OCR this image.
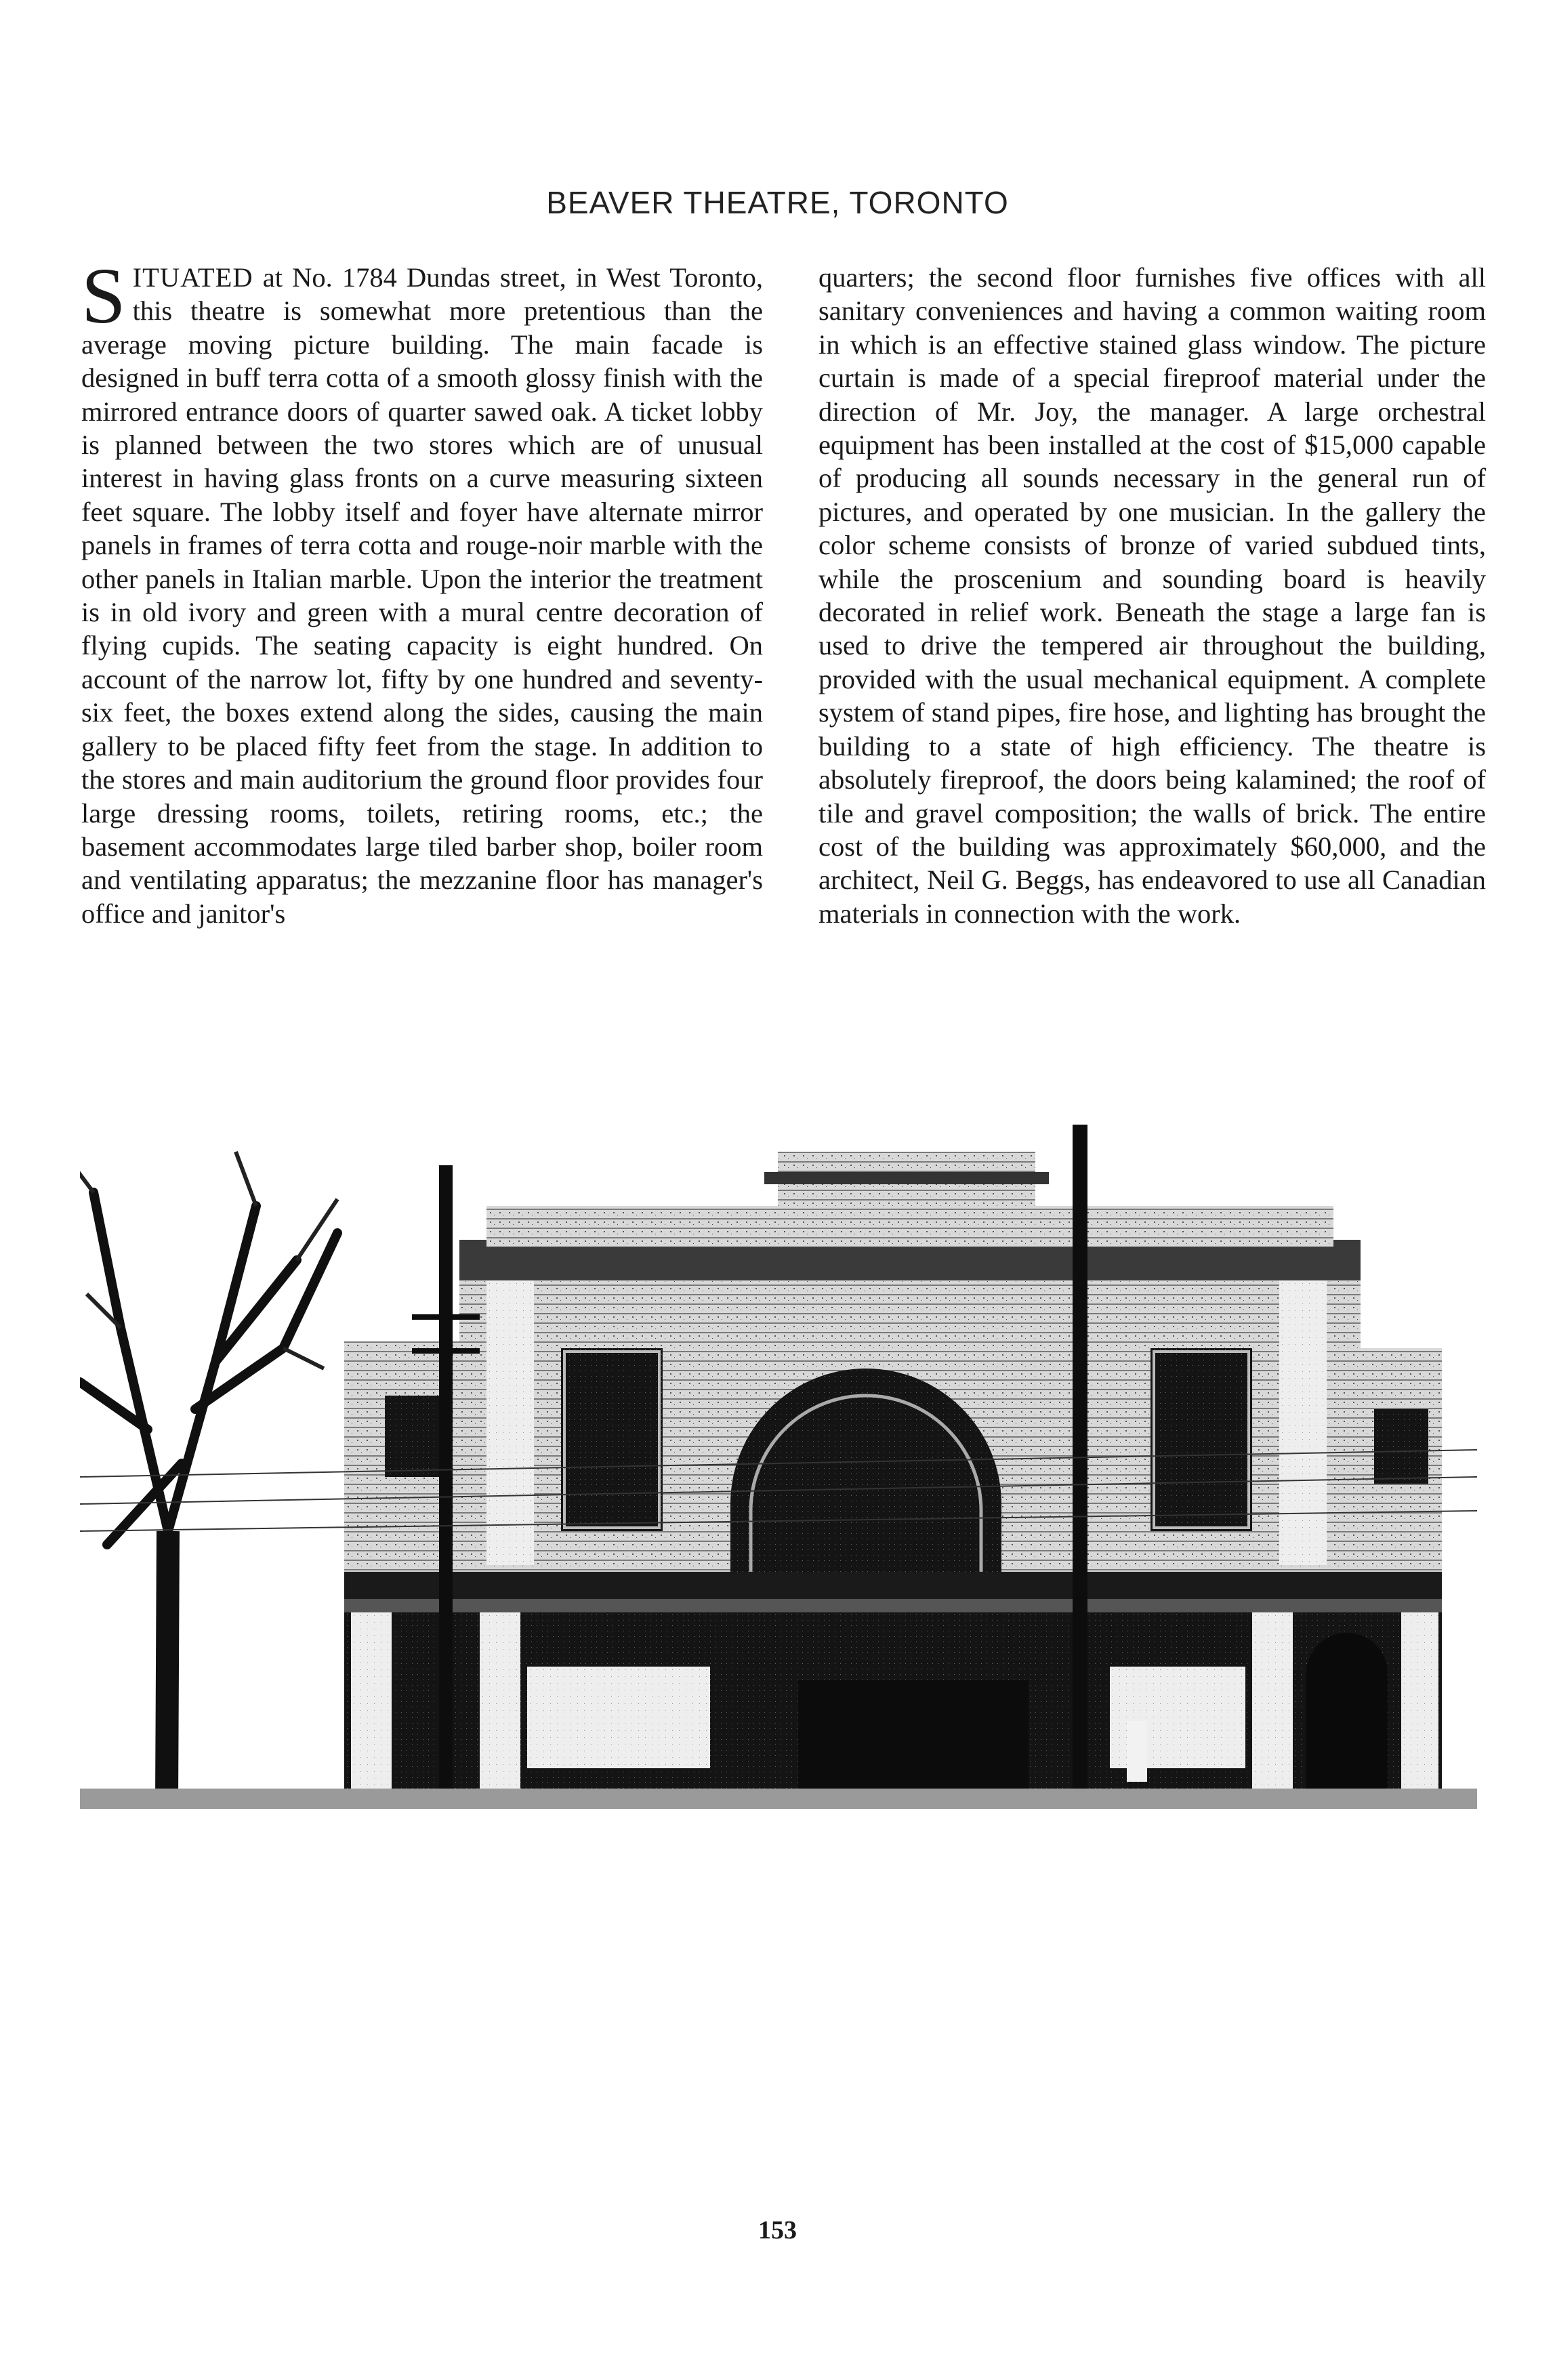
BEAVER THEATRE, TORONTO
SITUATED at No. 1784 Dundas street, in West Toronto, this theatre is somewhat more pretentious than the average moving picture building. The main facade is designed in buff terra cotta of a smooth glossy finish with the mirrored entrance doors of quarter sawed oak. A ticket lobby is planned between the two stores which are of unusual interest in having glass fronts on a curve measuring sixteen feet square. The lobby itself and foyer have alternate mirror panels in frames of terra cotta and rouge-noir marble with the other panels in Italian marble. Upon the interior the treatment is in old ivory and green with a mural centre decoration of flying cupids. The seating capacity is eight hundred. On account of the narrow lot, fifty by one hundred and seventy-six feet, the boxes extend along the sides, causing the main gallery to be placed fifty feet from the stage. In addition to the stores and main auditorium the ground floor provides four large dressing rooms, toilets, retiring rooms, etc.; the basement accommodates large tiled barber shop, boiler room and ventilating apparatus; the mezzanine floor has manager's office and janitor's
quarters; the second floor furnishes five offices with all sanitary conveniences and having a common waiting room in which is an effective stained glass window. The picture curtain is made of a special fireproof material under the direction of Mr. Joy, the manager. A large orchestral equipment has been installed at the cost of $15,000 capable of producing all sounds necessary in the general run of pictures, and operated by one musician. In the gallery the color scheme consists of bronze of varied subdued tints, while the proscenium and sounding board is heavily decorated in relief work. Beneath the stage a large fan is used to drive the tempered air throughout the building, provided with the usual mechanical equipment. A complete system of stand pipes, fire hose, and lighting has brought the building to a state of high efficiency. The theatre is absolutely fireproof, the doors being kalamined; the roof of tile and gravel composition; the walls of brick. The entire cost of the building was approximately $60,000, and the architect, Neil G. Beggs, has endeavored to use all Canadian materials in connection with the work.
153
